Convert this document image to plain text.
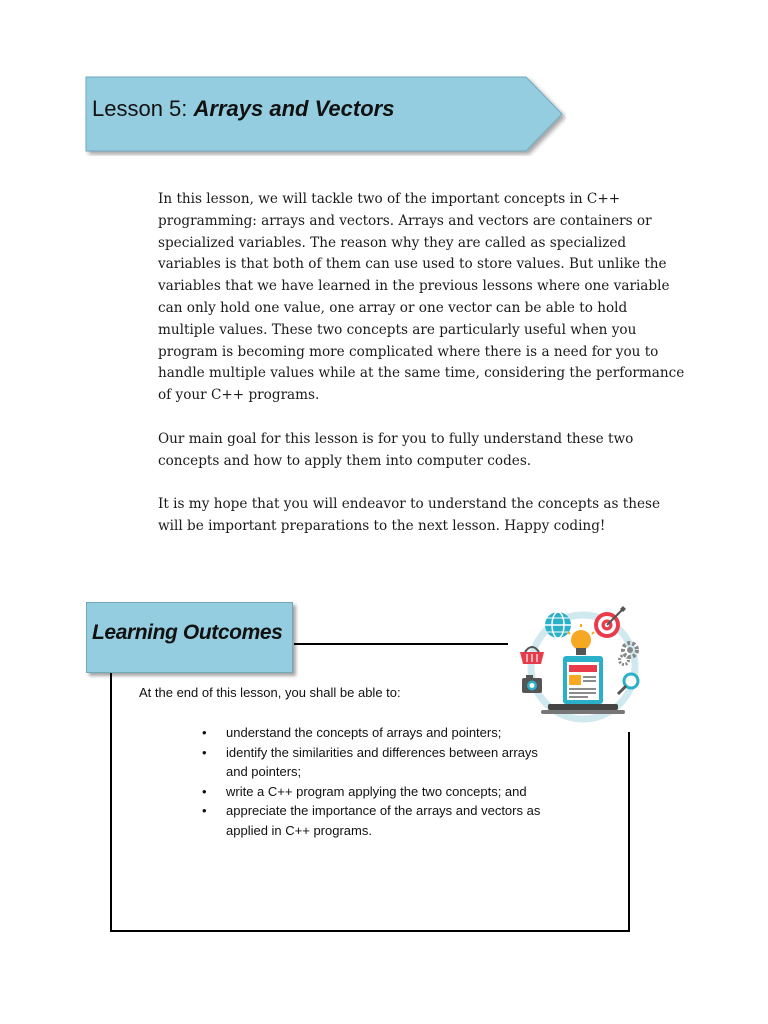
Lesson 5: Arrays and Vectors

In this lesson, we will tackle two of the important concepts in C++ programming: arrays and vectors. Arrays and vectors are containers or specialized variables. The reason why they are called as specialized variables is that both of them can use used to store values. But unlike the variables that we have learned in the previous lessons where one variable can only hold one value, one array or one vector can be able to hold multiple values. These two concepts are particularly useful when you program is becoming more complicated where there is a need for you to handle multiple values while at the same time, considering the performance of your C++ programs.

Our main goal for this lesson is for you to fully understand these two concepts and how to apply them into computer codes.

It is my hope that you will endeavor to understand the concepts as these will be important preparations to the next lesson. Happy coding!

Learning Outcomes
At the end of this lesson, you shall be able to:
• understand the concepts of arrays and pointers;
• identify the similarities and differences between arrays and pointers;
• write a C++ program applying the two concepts; and
• appreciate the importance of the arrays and vectors as applied in C++ programs.
